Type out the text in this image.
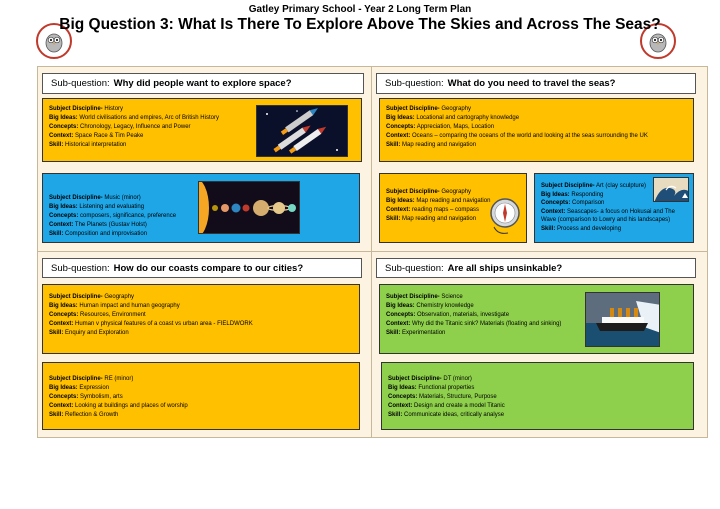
Gatley Primary School - Year 2 Long Term Plan
Big Question 3: What Is There To Explore Above The Skies and Across The Seas?
Sub-question: Why did people want to explore space?
Subject Discipline- History
Big Ideas: World civilisations and empires, Arc of British History
Concepts: Chronology, Legacy, Influence and Power
Context: Space Race & Tim Peake
Skill: Historical interpretation
Subject Discipline- Music (minor)
Big Ideas: Listening and evaluating
Concepts: composers, significance, preference
Context: The Planets (Gustav Holst)
Skill: Composition and improvisation
Sub-question: What do you need to travel the seas?
Subject Discipline- Geography
Big Ideas: Locational and cartography knowledge
Concepts: Appreciation, Maps, Location
Context: Oceans – comparing the oceans of the world and looking at the seas surrounding the UK
Skill: Map reading and navigation
Subject Discipline- Geography
Big Ideas: Map reading and navigation
Context: reading maps – compass
Skill: Map reading and navigation
Subject Discipline- Art (clay sculpture)
Big Ideas: Responding
Concepts: Comparison
Context: Seascapes- a focus on Hokusai and The Wave (comparison to Lowry and his landscapes)
Skill: Process and developing
Sub-question: How do our coasts compare to our cities?
Subject Discipline- Geography
Big Ideas: Human impact and human geography
Concepts: Resources, Environment
Context: Human v physical features of a coast vs urban area - FIELDWORK
Skill: Enquiry and Exploration
Subject Discipline- RE (minor)
Big Ideas: Expression
Concepts: Symbolism, arts
Context: Looking at buildings and places of worship
Skill: Reflection & Growth
Sub-question: Are all ships unsinkable?
Subject Discipline- Science
Big Ideas: Chemistry knowledge
Concepts: Observation, materials, investigate
Context: Why did the Titanic sink? Materials (floating and sinking)
Skill: Experimentation
Subject Discipline- DT (minor)
Big Ideas: Functional properties
Concepts: Materials, Structure, Purpose
Context: Design and create a model Titanic
Skill: Communicate ideas, critically analyse
